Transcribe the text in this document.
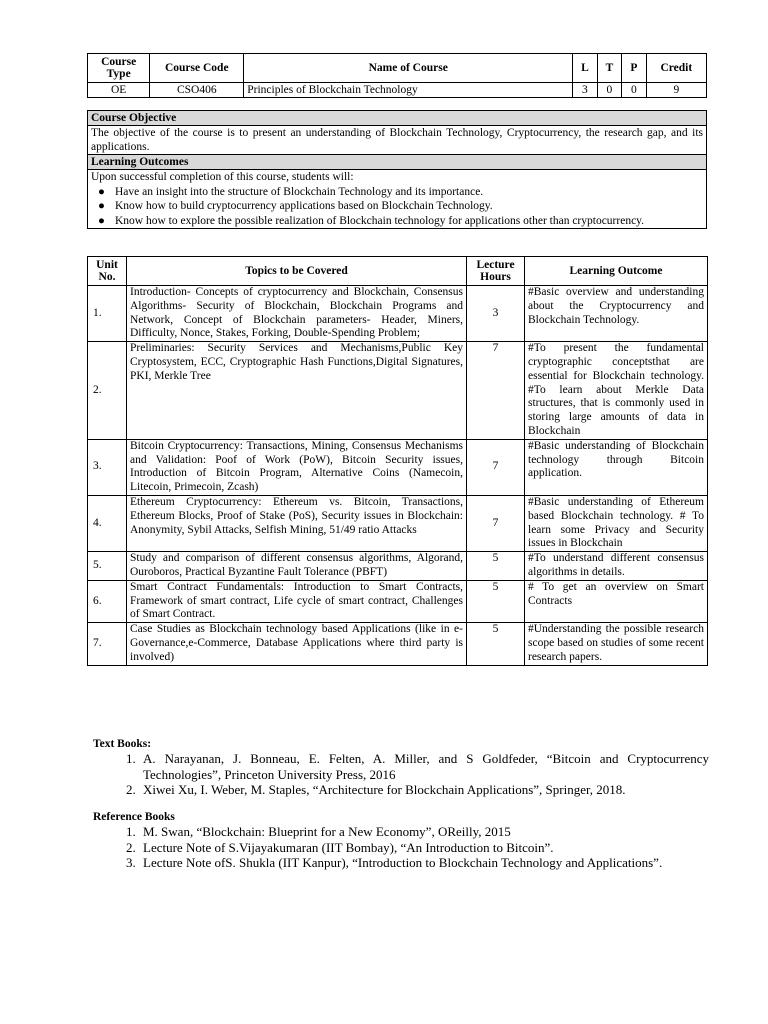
Course Type	Course Code	Name of Course	L	T	P	Credit
OE	CSO406	Principles of Blockchain Technology	3	0	0	9
Course Objective
The objective of the course is to present an understanding of Blockchain Technology, Cryptocurrency, the research gap, and its applications.
Learning Outcomes
Upon successful completion of this course, students will:
● Have an insight into the structure of Blockchain Technology and its importance.
● Know how to build cryptocurrency applications based on Blockchain Technology.
● Know how to explore the possible realization of Blockchain technology for applications other than cryptocurrency.
Unit No.	Topics to be Covered	Lecture Hours	Learning Outcome
1.	Introduction- Concepts of cryptocurrency and Blockchain, Consensus Algorithms- Security of Blockchain, Blockchain Programs and Network, Concept of Blockchain parameters- Header, Miners, Difficulty, Nonce, Stakes, Forking, Double-Spending Problem;	3	#Basic overview and understanding about the Cryptocurrency and Blockchain Technology.
2.	Preliminaries: Security Services and Mechanisms,Public Key Cryptosystem, ECC, Cryptographic Hash Functions,Digital Signatures, PKI, Merkle Tree	7	#To present the fundamental cryptographic conceptsthat are essential for Blockchain technology. #To learn about Merkle Data structures, that is commonly used in storing large amounts of data in Blockchain
3.	Bitcoin Cryptocurrency: Transactions, Mining, Consensus Mechanisms and Validation: Poof of Work (PoW), Bitcoin Security issues, Introduction of Bitcoin Program, Alternative Coins (Namecoin, Litecoin, Primecoin, Zcash)	7	#Basic understanding of Blockchain technology through Bitcoin application.
4.	Ethereum Cryptocurrency: Ethereum vs. Bitcoin, Transactions, Ethereum Blocks, Proof of Stake (PoS), Security issues in Blockchain: Anonymity, Sybil Attacks, Selfish Mining, 51/49 ratio Attacks	7	#Basic understanding of Ethereum based Blockchain technology. # To learn some Privacy and Security issues in Blockchain
5.	Study and comparison of different consensus algorithms, Algorand, Ouroboros, Practical Byzantine Fault Tolerance (PBFT)	5	#To understand different consensus algorithms in details.
6.	Smart Contract Fundamentals: Introduction to Smart Contracts, Framework of smart contract, Life cycle of smart contract, Challenges of Smart Contract.	5	# To get an overview on Smart Contracts
7.	Case Studies as Blockchain technology based Applications (like in e-Governance,e-Commerce, Database Applications where third party is involved)	5	#Understanding the possible research scope based on studies of some recent research papers.
Text Books:
1. A. Narayanan, J. Bonneau, E. Felten, A. Miller, and S Goldfeder, “Bitcoin and Cryptocurrency Technologies”, Princeton University Press, 2016
2. Xiwei Xu, I. Weber, M. Staples, “Architecture for Blockchain Applications”, Springer, 2018.
Reference Books
1. M. Swan, “Blockchain: Blueprint for a New Economy”, OReilly, 2015
2. Lecture Note of S.Vijayakumaran (IIT Bombay), “An Introduction to Bitcoin”.
3. Lecture Note ofS. Shukla (IIT Kanpur), “Introduction to Blockchain Technology and Applications”.
